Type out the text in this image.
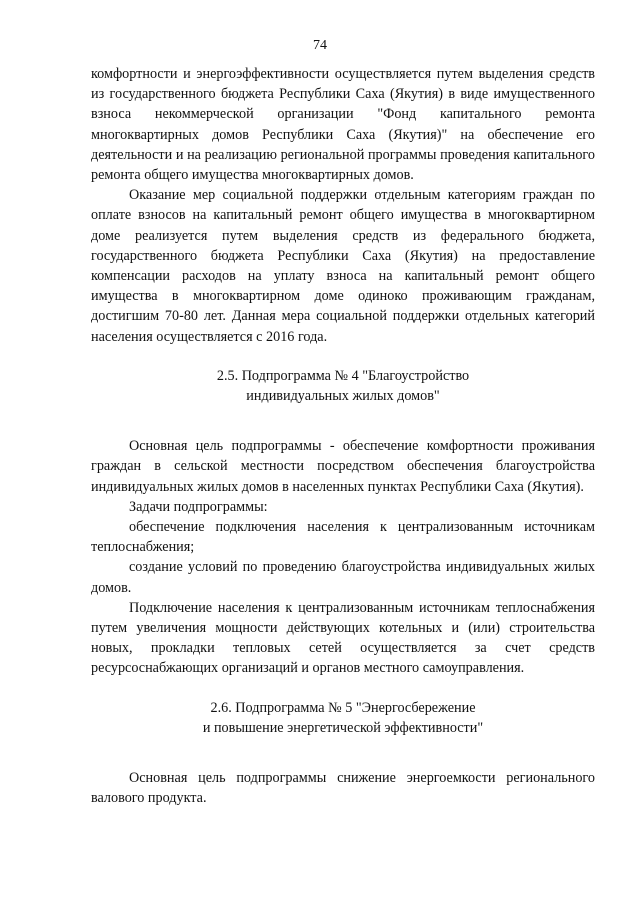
74

комфортности и энергоэффективности осуществляется путем выделения средств из государственного бюджета Республики Саха (Якутия) в виде имущественного взноса некоммерческой организации "Фонд капитального ремонта многоквартирных домов Республики Саха (Якутия)" на обеспечение его деятельности и на реализацию региональной программы проведения капитального ремонта общего имущества многоквартирных домов.

Оказание мер социальной поддержки отдельным категориям граждан по оплате взносов на капитальный ремонт общего имущества в многоквартирном доме реализуется путем выделения средств из федерального бюджета, государственного бюджета Республики Саха (Якутия) на предоставление компенсации расходов на уплату взноса на капитальный ремонт общего имущества в многоквартирном доме одиноко проживающим гражданам, достигшим 70-80 лет. Данная мера социальной поддержки отдельных категорий населения осуществляется с 2016 года.

2.5. Подпрограмма № 4 "Благоустройство
индивидуальных жилых домов"

Основная цель подпрограммы - обеспечение комфортности проживания граждан в сельской местности посредством обеспечения благоустройства индивидуальных жилых домов в населенных пунктах Республики Саха (Якутия).

Задачи подпрограммы:

обеспечение подключения населения к централизованным источникам теплоснабжения;

создание условий по проведению благоустройства индивидуальных жилых домов.

Подключение населения к централизованным источникам теплоснабжения путем увеличения мощности действующих котельных и (или) строительства новых, прокладки тепловых сетей осуществляется за счет средств ресурсоснабжающих организаций и органов местного самоуправления.

2.6. Подпрограмма № 5 "Энергосбережение
и повышение энергетической эффективности"

Основная цель подпрограммы снижение энергоемкости регионального валового продукта.
